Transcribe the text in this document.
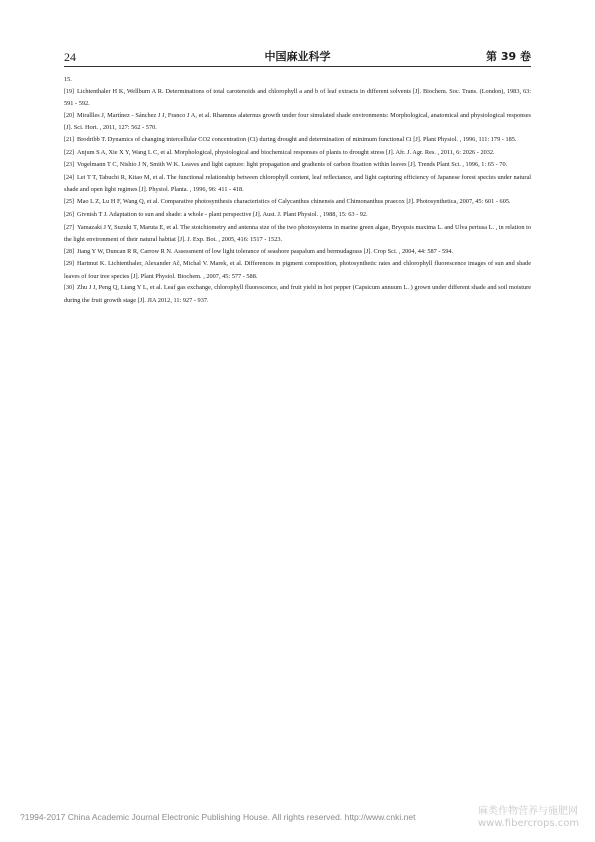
24	中国麻业科学	第 39 卷

15.

[ 19 ] Lichtenthaler H K, Wellburn A R. Determinations of total carotenoids and chlorophyll a and b of leaf extracts in different solvents [J]. Biochem. Soc. Trans. (London), 1983, 63: 591 - 592.

[ 20 ] Mirallles J, Martínez - Sánchez J J, Franco J A, et al. Rhamnus alaternus growth under four simulated shade environments: Morphological, anatomical and physiological responses [J]. Sci. Hort. , 2011, 127: 562 - 570.

[ 21 ] Brodribb T. Dynamics of changing intercellular CO2 concentration (Ci) during drought and determination of minimum functional Ci [J]. Plant Physiol. , 1996, 111: 179 - 185.

[ 22 ] Anjum S A, Xie X Y, Wang L C, et al. Morphological, physiological and biochemical responses of plants to drought stress [J]. Afr. J. Agr. Res. , 2011, 6: 2026 - 2032.

[ 23 ] Vogelmann T C, Nishio J N, Smith W K. Leaves and light capture: light propagation and gradients of carbon fixation within leaves [J]. Trends Plant Sci. , 1996, 1: 65 - 70.

[ 24 ] Lei T T, Tabuchi R, Kitao M, et al. The functional relationship between chlorophyll content, leaf reflectance, and light capturing efficiency of Japanese forest species under natural shade and open light regimes [J]. Physiol. Planta. , 1996, 96: 411 - 418.

[ 25 ] Mao L Z, Lu H F, Wang Q, et al. Comparative photosynthesis characteristics of Calycanthus chinensis and Chimonanthus praecox [J]. Photosynthetica, 2007, 45: 601 - 605.

[ 26 ] Givnish T J. Adaptation to sun and shade: a whole - plant perspective [J]. Aust. J. Plant Physiol. , 1988, 15: 63 - 92.

[ 27 ] Yamazaki J Y, Suzuki T, Maruta E, et al. The stoichiometry and antenna size of the two photosystems in marine green algae, Bryopsis maxima L. and Ulva pertusa L. , in relation to the light environment of their natural habitat [J]. J. Exp. Bot. , 2005, 416: 1517 - 1523.

[ 28 ] Jiang Y W, Duncan R R, Carrow R N. Assessment of low light tolerance of seashore paspalum and bermudagrass [J]. Crop Sci. , 2004, 44: 587 - 594.

[ 29 ] Hartmut K. Lichtenthaler, Alexander Ač, Michal V. Marek, et al. Differences in pigment composition, photosynthetic rates and chlorophyll fluorescence images of sun and shade leaves of four tree species [J]. Plant Physiol. Biochem. , 2007, 45: 577 - 588.

[ 30 ] Zhu J J, Peng Q, Liang Y L, et al. Leaf gas exchange, chlorophyll fluorescence, and fruit yield in hot pepper (Capsicum annuum L. ) grown under different shade and soil moisture during the fruit growth stage [J]. JIA 2012, 11: 927 - 937.

?1994-2017 China Academic Journal Electronic Publishing House. All rights reserved. http://www.cnki.net	麻类作物营养与施肥网
www.fibercrops.com
